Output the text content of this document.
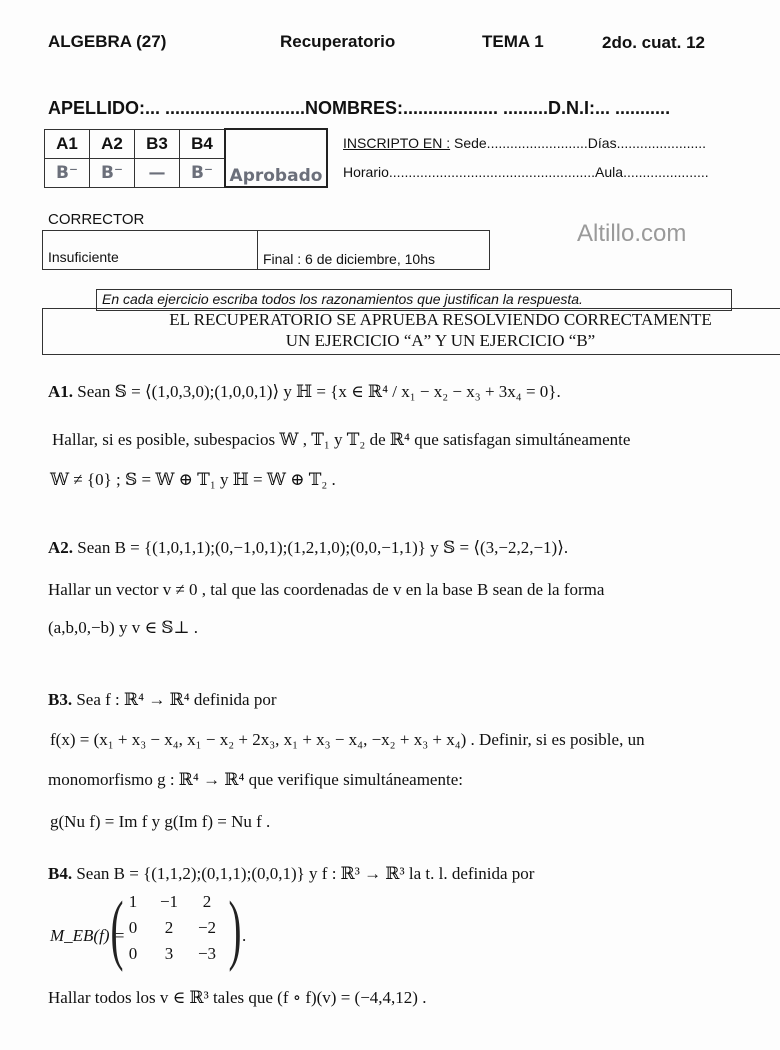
ALGEBRA (27)	Recuperatorio	TEMA 1	2do. cuat. 12
APELLIDO:... ............................NOMBRES:................... .........D.N.I:... ...........
A1	A2	B3	B4	Aprobado
B⁻	B⁻	—	B⁻	
INSCRIPTO EN : Sede..........................Días.......................
Horario.....................................................Aula......................
CORRECTOR
Insuficiente	Final : 6 de diciembre, 10hs
Altillo.com
En cada ejercicio escriba todos los razonamientos que justifican la respuesta.
EL RECUPERATORIO SE APRUEBA RESOLVIENDO CORRECTAMENTE
UN EJERCICIO “A” Y UN EJERCICIO “B”
A1. Sean 𝕊 = ⟨(1,0,3,0);(1,0,0,1)⟩ y ℍ = {x ∈ ℝ⁴ / x₁ − x₂ − x₃ + 3x₄ = 0}.
Hallar, si es posible, subespacios 𝕎 , 𝕋₁ y 𝕋₂ de ℝ⁴ que satisfagan simultáneamente
𝕎 ≠ {0} ; 𝕊 = 𝕎 ⊕ 𝕋₁ y ℍ = 𝕎 ⊕ 𝕋₂ .
A2. Sean B = {(1,0,1,1);(0,−1,0,1);(1,2,1,0);(0,0,−1,1)} y 𝕊 = ⟨(3,−2,2,−1)⟩.
Hallar un vector v ≠ 0 , tal que las coordenadas de v en la base B sean de la forma
(a,b,0,−b) y v ∈ 𝕊⊥ .
B3. Sea f : ℝ⁴ → ℝ⁴ definida por
f(x) = (x₁ + x₃ − x₄, x₁ − x₂ + 2x₃, x₁ + x₃ − x₄, −x₂ + x₃ + x₄) . Definir, si es posible, un
monomorfismo g : ℝ⁴ → ℝ⁴ que verifique simultáneamente:
g(Nu f) = Im f y g(Im f) = Nu f .
B4. Sean B = {(1,1,2);(0,1,1);(0,0,1)} y f : ℝ³ → ℝ³ la t. l. definida por
M_EB(f) =
( 1	−1	2
0	2	−2
0	3	−3 ) .
Hallar todos los v ∈ ℝ³ tales que (f ∘ f)(v) = (−4,4,12) .
